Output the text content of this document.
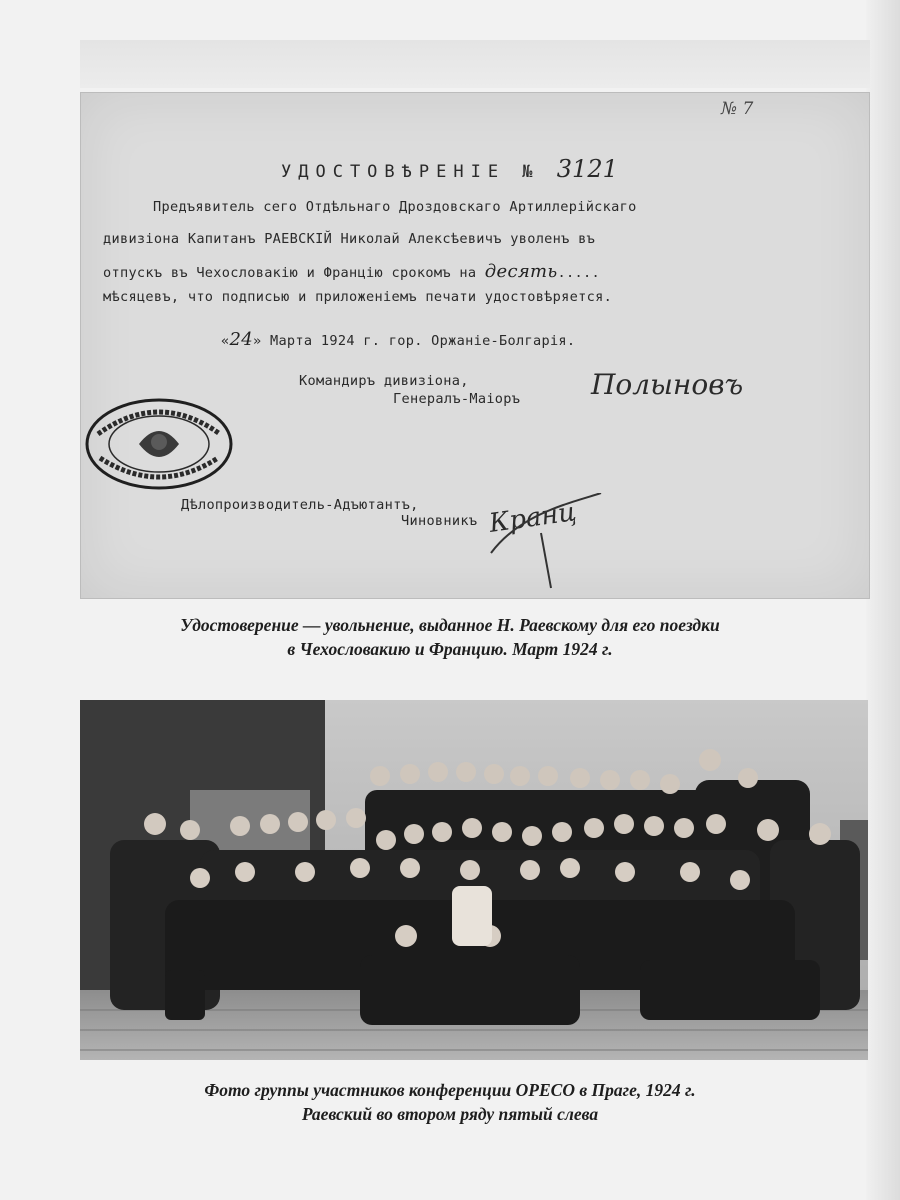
№ 7
УДОСТОВѢРЕНІЕ № 3121
Предъявитель сего Отдѣльнаго Дроздовскаго Артиллерійскаго
дивизіона Капитанъ РАЕВСКІЙ Николай Алексѣевичъ уволенъ въ
отпускъ въ Чехословакію и Францію срокомъ на десять.....
мѣсяцевъ, что подписью и приложеніемъ печати удостовѣряется.
«24» Марта 1924 г. гор. Оржаніе-Болгарія.
Командиръ дивизіона,
Генералъ-Маіоръ	Полыновъ
Дѣлопроизводитель-Адъютантъ,
Чиновникъ Кранц
Удостоверение — увольнение, выданное Н. Раевскому для его поездки
в Чехословакию и Францию. Март 1924 г.
Фото группы участников конференции ОРЕСО в Праге, 1924 г.
Раевский во втором ряду пятый слева
